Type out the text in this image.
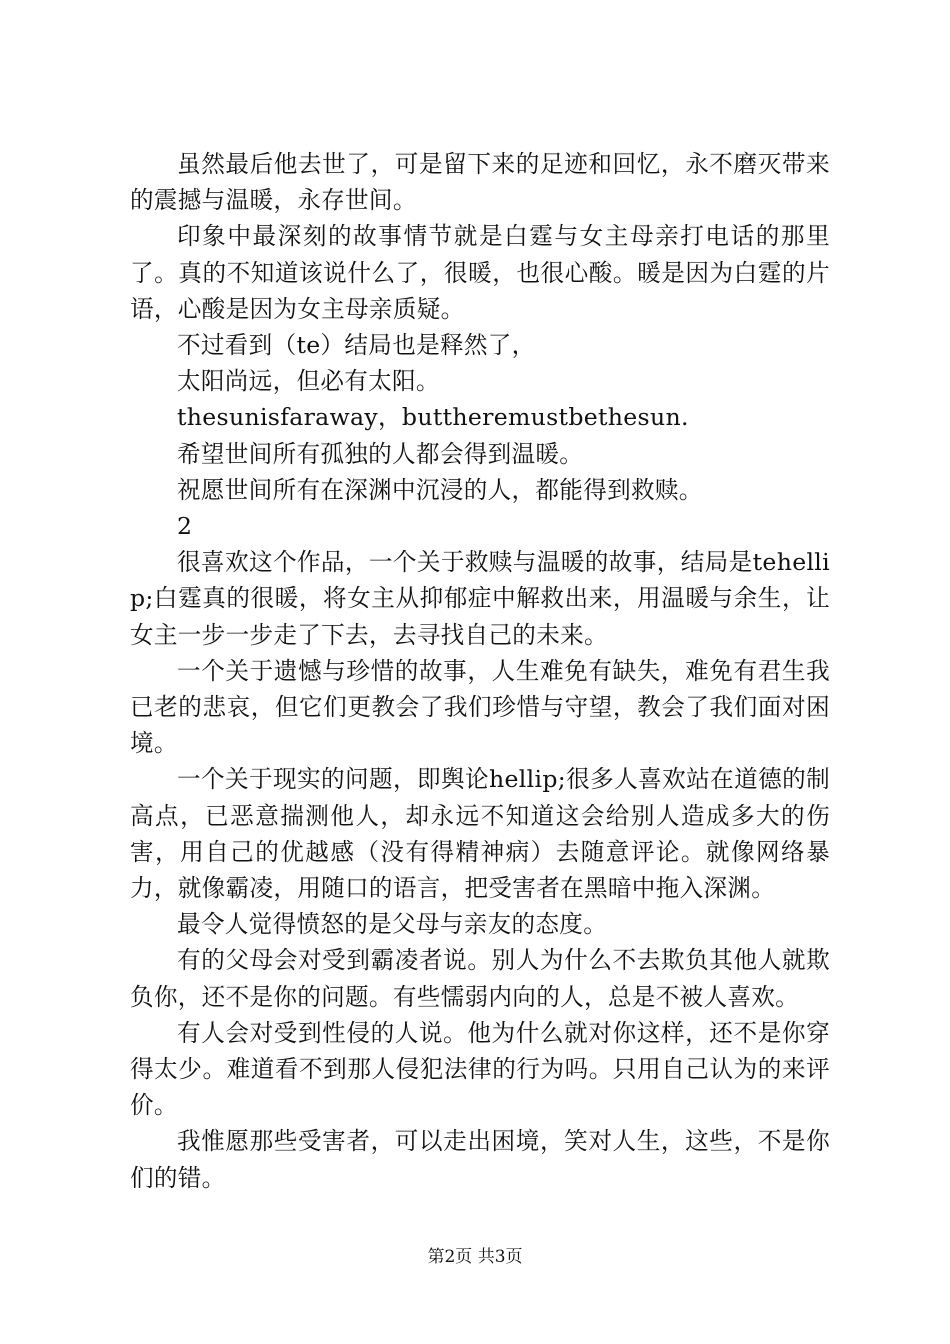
虽然最后他去世了，可是留下来的足迹和回忆，永不磨灭带来的震撼与温暖，永存世间。

印象中最深刻的故事情节就是白霆与女主母亲打电话的那里了。真的不知道该说什么了，很暖，也很心酸。暖是因为白霆的片语，心酸是因为女主母亲质疑。

不过看到（te）结局也是释然了，

太阳尚远，但必有太阳。

thesunisfaraway，buttheremustbethesun.

希望世间所有孤独的人都会得到温暖。

祝愿世间所有在深渊中沉浸的人，都能得到救赎。

2

很喜欢这个作品，一个关于救赎与温暖的故事，结局是tehellip;白霆真的很暖，将女主从抑郁症中解救出来，用温暖与余生，让女主一步一步走了下去，去寻找自己的未来。

一个关于遗憾与珍惜的故事，人生难免有缺失，难免有君生我已老的悲哀，但它们更教会了我们珍惜与守望，教会了我们面对困境。

一个关于现实的问题，即舆论hellip;很多人喜欢站在道德的制高点，已恶意揣测他人，却永远不知道这会给别人造成多大的伤害，用自己的优越感（没有得精神病）去随意评论。就像网络暴力，就像霸凌，用随口的语言，把受害者在黑暗中拖入深渊。

最令人觉得愤怒的是父母与亲友的态度。

有的父母会对受到霸凌者说。别人为什么不去欺负其他人就欺负你，还不是你的问题。有些懦弱内向的人，总是不被人喜欢。

有人会对受到性侵的人说。他为什么就对你这样，还不是你穿得太少。难道看不到那人侵犯法律的行为吗。只用自己认为的来评价。

我惟愿那些受害者，可以走出困境，笑对人生，这些，不是你们的错。

第2页 共3页
